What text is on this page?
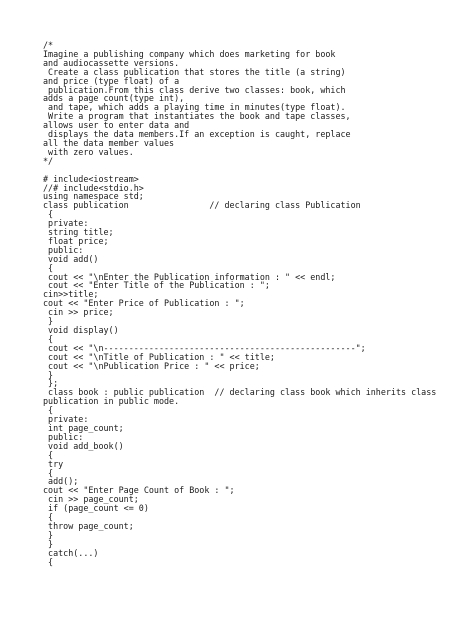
/*
Imagine a publishing company which does marketing for book
and audiocassette versions.
Create a class publication that stores the title (a string)
and price (type float) of a
publication.From this class derive two classes: book, which
adds a page count(type int),
and tape, which adds a playing time in minutes(type float).
Write a program that instantiates the book and tape classes,
allows user to enter data and
displays the data members.If an exception is caught, replace
all the data member values
with zero values.
*/
# include<iostream>
//# include<stdio.h>
using namespace std;
class publication                // declaring class Publication
{
private:
string title;
float price;
public:
void add()
{
cout << "\nEnter the Publication information : " << endl;
cout << "Enter Title of the Publication : ";
cin>>title;
cout << "Enter Price of Publication : ";
cin >> price;
}
void display()
{
cout << "\n--------------------------------------------------";
cout << "\nTitle of Publication : " << title;
cout << "\nPublication Price : " << price;
}
};
class book : public publication  // declaring class book which inherits class
publication in public mode.
{
private:
int page_count;
public:
void add_book()
{
try
{
add();
cout << "Enter Page Count of Book : ";
cin >> page_count;
if (page_count <= 0)
{
throw page_count;
}
}
catch(...)
{
